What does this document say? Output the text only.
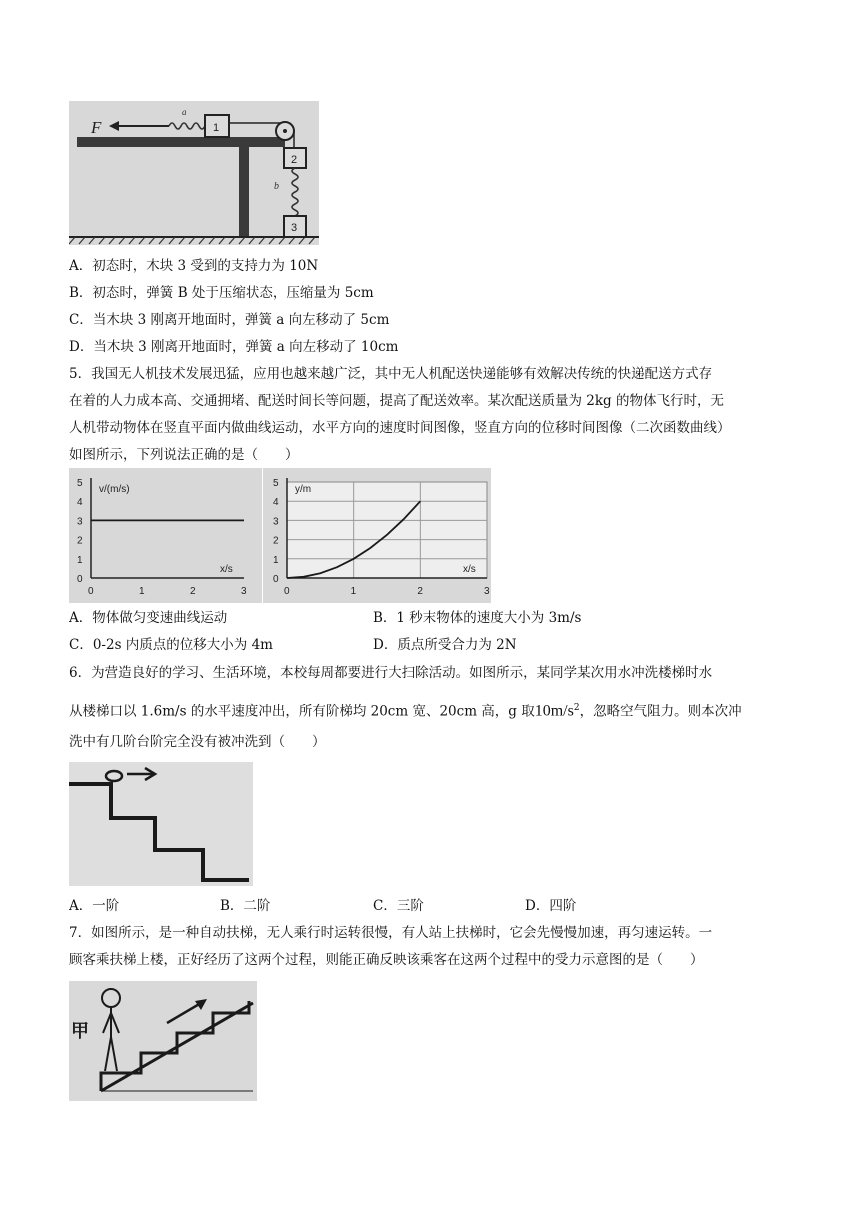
F
a
1
2
b
3
A．初态时，木块 3 受到的支持力为 10N
B．初态时，弹簧 B 处于压缩状态，压缩量为 5cm
C．当木块 3 刚离开地面时，弹簧 a 向左移动了 5cm
D．当木块 3 刚离开地面时，弹簧 a 向左移动了 10cm
5．我国无人机技术发展迅猛，应用也越来越广泛，其中无人机配送快递能够有效解决传统的快递配送方式存
在着的人力成本高、交通拥堵、配送时间长等问题，提高了配送效率。某次配送质量为 2kg 的物体飞行时，无
人机带动物体在竖直平面内做曲线运动，水平方向的速度时间图像，竖直方向的位移时间图像（二次函数曲线）
如图所示，下列说法正确的是（　　）
0	1	2	3
0
1
2
3
4
5
v/(m/s)
x/s
0	1	2	3
0
1
2
3
4
5
y/m
x/s
A．物体做匀变速曲线运动	B．1 秒末物体的速度大小为 3m/s
C．0-2s 内质点的位移大小为 4m	D．质点所受合力为 2N
6．为营造良好的学习、生活环境，本校每周都要进行大扫除活动。如图所示，某同学某次用水冲洗楼梯时水
从楼梯口以 1.6m/s 的水平速度冲出，所有阶梯均 20cm 宽、20cm 高，g 取$10m/s^2$，忽略空气阻力。则本次冲
洗中有几阶台阶完全没有被冲洗到（　　）
A．一阶	B．二阶	C．三阶	D．四阶
7．如图所示，是一种自动扶梯，无人乘行时运转很慢，有人站上扶梯时，它会先慢慢加速，再匀速运转。一
顾客乘扶梯上楼，正好经历了这两个过程，则能正确反映该乘客在这两个过程中的受力示意图的是（　　）
甲
